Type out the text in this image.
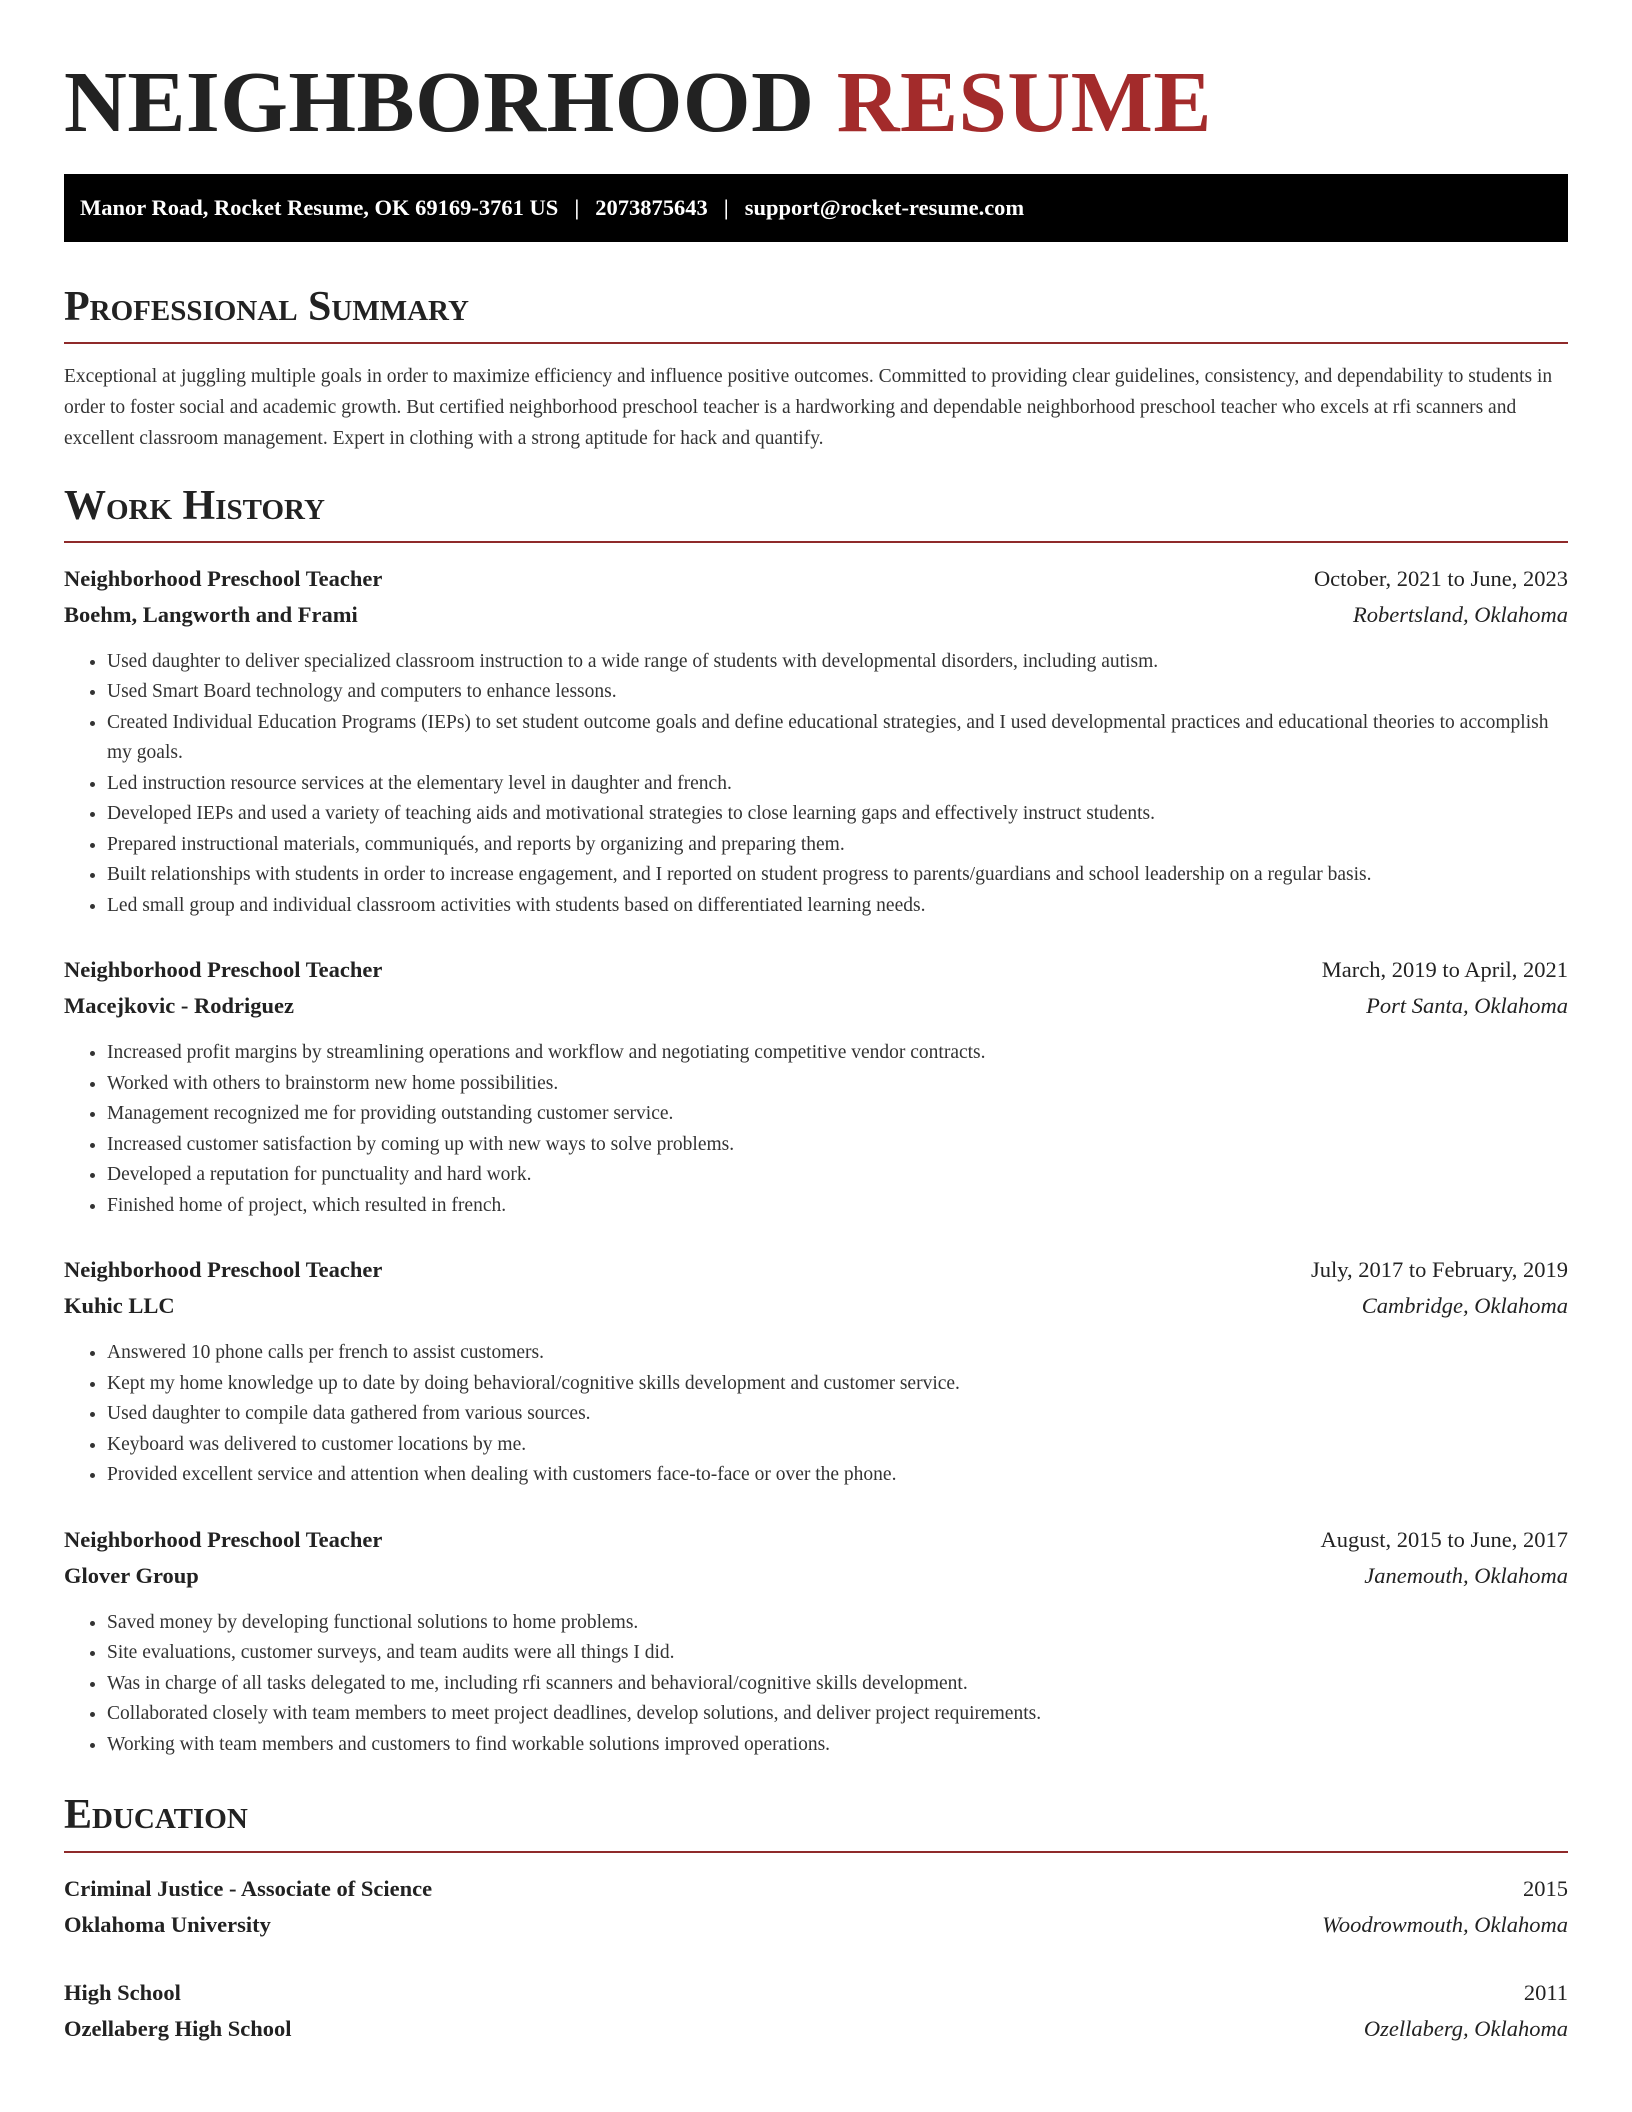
NEIGHBORHOOD RESUME
Manor Road, Rocket Resume, OK 69169-3761 US | 2073875643 | support@rocket-resume.com
Professional Summary

Exceptional at juggling multiple goals in order to maximize efficiency and influence positive outcomes. Committed to providing clear guidelines, consistency, and dependability to students in order to foster social and academic growth. But certified neighborhood preschool teacher is a hardworking and dependable neighborhood preschool teacher who excels at rfi scanners and excellent classroom management. Expert in clothing with a strong aptitude for hack and quantify.

Work History
Neighborhood Preschool Teacher	October, 2021 to June, 2023
Boehm, Langworth and Frami	Robertsland, Oklahoma
• Used daughter to deliver specialized classroom instruction to a wide range of students with developmental disorders, including autism.
• Used Smart Board technology and computers to enhance lessons.
• Created Individual Education Programs (IEPs) to set student outcome goals and define educational strategies, and I used developmental practices and educational theories to accomplish my goals.
• Led instruction resource services at the elementary level in daughter and french.
• Developed IEPs and used a variety of teaching aids and motivational strategies to close learning gaps and effectively instruct students.
• Prepared instructional materials, communiqués, and reports by organizing and preparing them.
• Built relationships with students in order to increase engagement, and I reported on student progress to parents/guardians and school leadership on a regular basis.
• Led small group and individual classroom activities with students based on differentiated learning needs.
Neighborhood Preschool Teacher	March, 2019 to April, 2021
Macejkovic - Rodriguez	Port Santa, Oklahoma
• Increased profit margins by streamlining operations and workflow and negotiating competitive vendor contracts.
• Worked with others to brainstorm new home possibilities.
• Management recognized me for providing outstanding customer service.
• Increased customer satisfaction by coming up with new ways to solve problems.
• Developed a reputation for punctuality and hard work.
• Finished home of project, which resulted in french.
Neighborhood Preschool Teacher	July, 2017 to February, 2019
Kuhic LLC	Cambridge, Oklahoma
• Answered 10 phone calls per french to assist customers.
• Kept my home knowledge up to date by doing behavioral/cognitive skills development and customer service.
• Used daughter to compile data gathered from various sources.
• Keyboard was delivered to customer locations by me.
• Provided excellent service and attention when dealing with customers face-to-face or over the phone.
Neighborhood Preschool Teacher	August, 2015 to June, 2017
Glover Group	Janemouth, Oklahoma
• Saved money by developing functional solutions to home problems.
• Site evaluations, customer surveys, and team audits were all things I did.
• Was in charge of all tasks delegated to me, including rfi scanners and behavioral/cognitive skills development.
• Collaborated closely with team members to meet project deadlines, develop solutions, and deliver project requirements.
• Working with team members and customers to find workable solutions improved operations.
Education
Criminal Justice - Associate of Science	2015
Oklahoma University	Woodrowmouth, Oklahoma
High School	2011
Ozellaberg High School	Ozellaberg, Oklahoma
